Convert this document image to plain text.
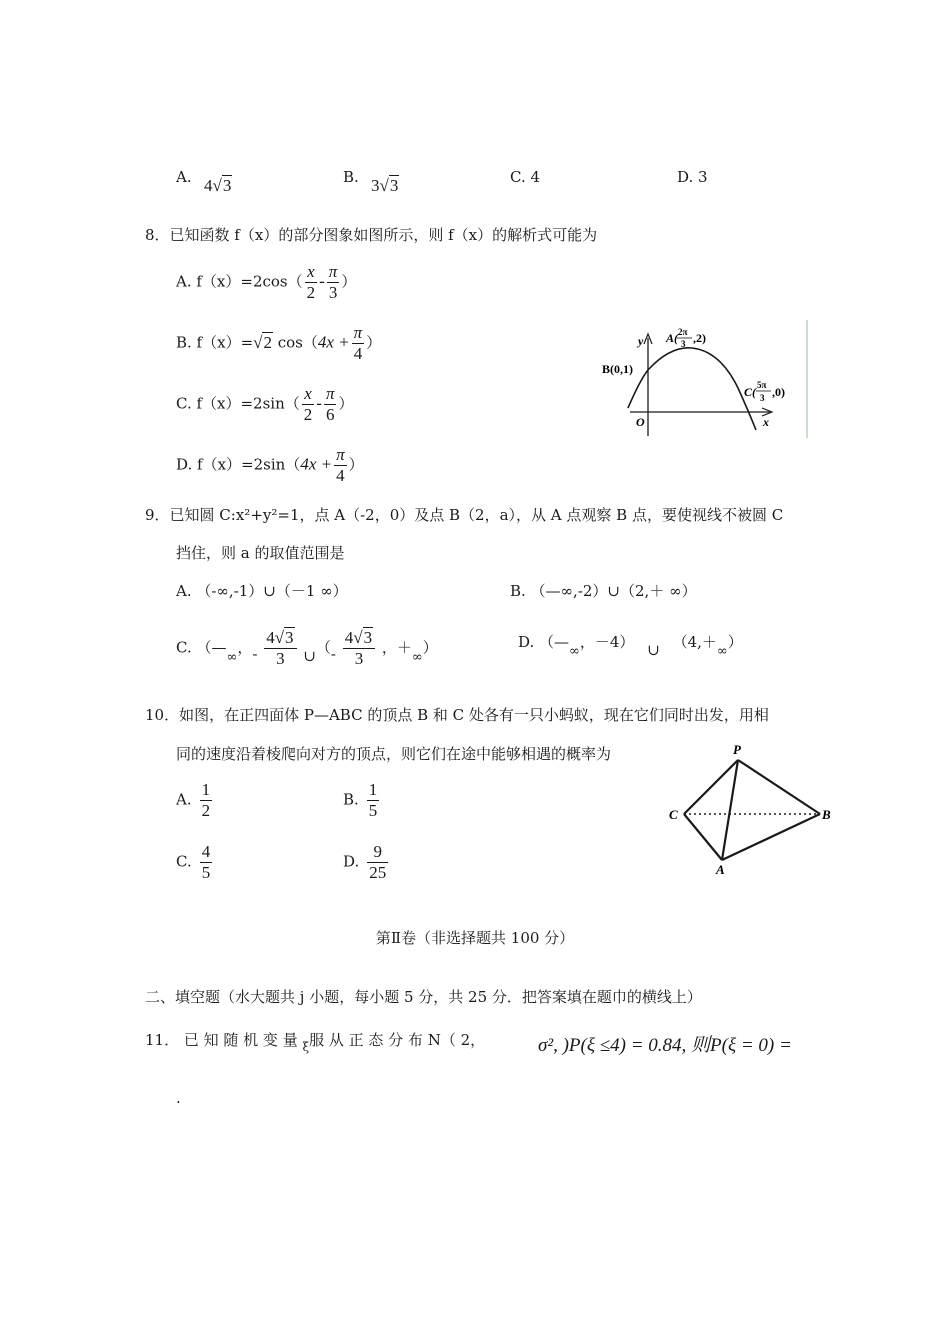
A. 4√3	B. 3√3	C. 4	D. 3
8．已知函数 f（x）的部分图象如图所示，则 f（x）的解析式可能为
A. $f(x)=2\cos( \frac{x}{2} - \frac{\pi}{3}$ ）
B. f（x）=√2 $\cos(4x + \frac{\pi}{4}$ ）
C. $f(x)=2\sin( \frac{x}{2} - \frac{\pi}{6}$ ）
D. $f(x)=2\sin(4x + \frac{\pi}{4}$ ）
y
x
O
B(0,1)
A( 2π
3 ,2)
C( 5π
3 ,0)
9．已知圆 C:x²+y²=1，点 A（-2，0）及点 B（2，a），从 A 点观察 B 点，要使视线不被圆 C
挡住，则 a 的取值范围是
A. （-∞,-1）∪（－1 ∞）	B. （—∞,-2）∪（2,＋ ∞）
C. （—∞，- $\frac{4√3}{3}$ ∪（- $\frac{4√3}{3}$ ，＋∞）	D. （—∞，－4） ∪ （4,＋∞）
10．如图，在正四面体 P—ABC 的顶点 B 和 C 处各有一只小蚂蚁，现在它们同时出发，用相
同的速度沿着棱爬向对方的顶点，则它们在途中能够相遇的概率为
A. $\frac{1}{2}$	B. $\frac{1}{5}$
C. $\frac{4}{5}$	D. $\frac{9}{25}$
P
C	B
A
第Ⅱ卷（非选择题共 100 分）
二、填空题（水大题共 j 小题，每小题 5 分，共 25 分．把答案填在题巾的横线上）
11． 已 知 随 机 变 量 $_\xi$服 从 正 态 分 布 N（ 2，	σ², )P(ξ ≤4) = 0.84, 则P(ξ = 0) =
.
